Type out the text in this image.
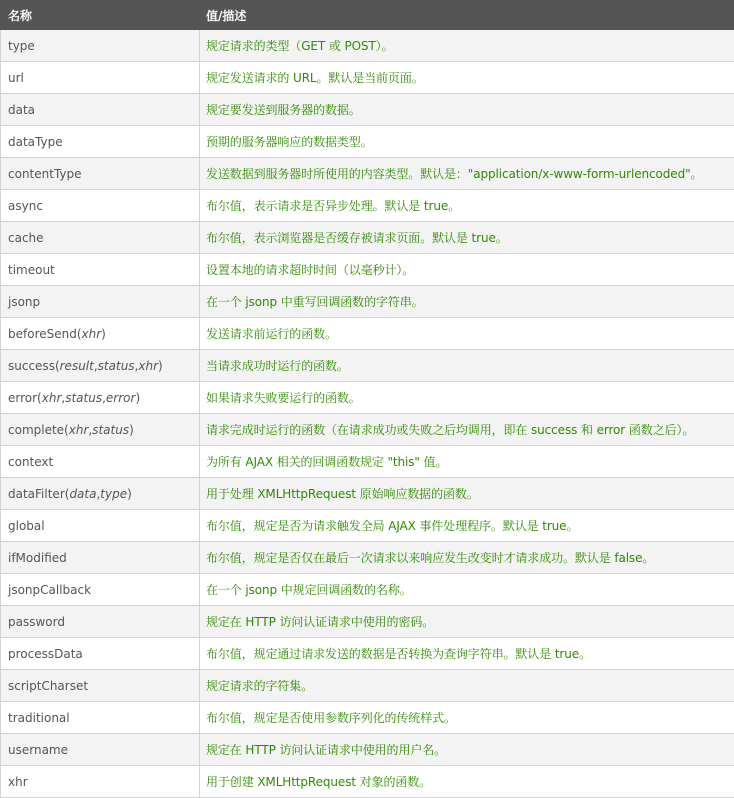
名称	值/描述
type	规定请求的类型（GET 或 POST）。
url	规定发送请求的 URL。默认是当前页面。
data	规定要发送到服务器的数据。
dataType	预期的服务器响应的数据类型。
contentType	发送数据到服务器时所使用的内容类型。默认是："application/x-www-form-urlencoded"。
async	布尔值，表示请求是否异步处理。默认是 true。
cache	布尔值，表示浏览器是否缓存被请求页面。默认是 true。
timeout	设置本地的请求超时时间（以毫秒计）。
jsonp	在一个 jsonp 中重写回调函数的字符串。
beforeSend(xhr)	发送请求前运行的函数。
success(result,status,xhr)	当请求成功时运行的函数。
error(xhr,status,error)	如果请求失败要运行的函数。
complete(xhr,status)	请求完成时运行的函数（在请求成功或失败之后均调用，即在 success 和 error 函数之后）。
context	为所有 AJAX 相关的回调函数规定 "this" 值。
dataFilter(data,type)	用于处理 XMLHttpRequest 原始响应数据的函数。
global	布尔值，规定是否为请求触发全局 AJAX 事件处理程序。默认是 true。
ifModified	布尔值，规定是否仅在最后一次请求以来响应发生改变时才请求成功。默认是 false。
jsonpCallback	在一个 jsonp 中规定回调函数的名称。
password	规定在 HTTP 访问认证请求中使用的密码。
processData	布尔值，规定通过请求发送的数据是否转换为查询字符串。默认是 true。
scriptCharset	规定请求的字符集。
traditional	布尔值，规定是否使用参数序列化的传统样式。
username	规定在 HTTP 访问认证请求中使用的用户名。
xhr	用于创建 XMLHttpRequest 对象的函数。
